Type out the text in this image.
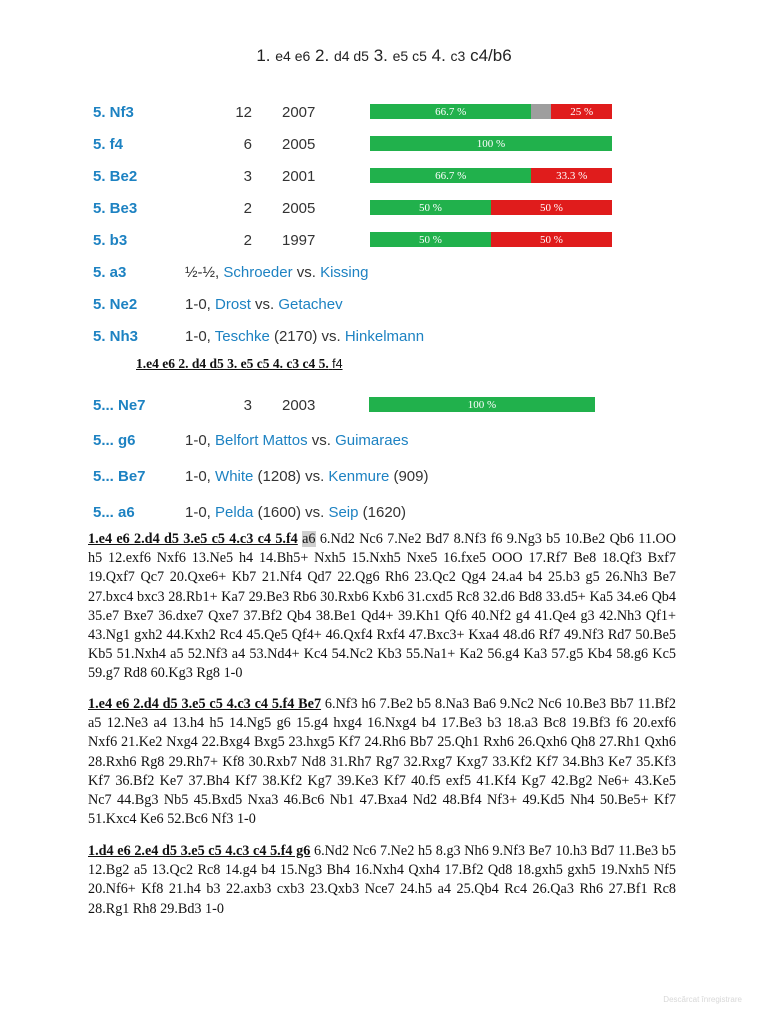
1. e4 e6 2. d4 d5 3. e5 c5 4. c3 c4/b6
5. Nf3	12 2007	66.7 %	25 %
5. f4	6 2005	100 %
5. Be2	3 2001	66.7 %	33.3 %
5. Be3	2 2005	50 %	50 %
5. b3	2 1997	50 %	50 %
5. a3	½-½, Schroeder vs. Kissing
5. Ne2	1-0, Drost vs. Getachev
5. Nh3	1-0, Teschke (2170) vs. Hinkelmann
1.e4 e6 2. d4 d5 3. e5 c5 4. c3 c4 5. f4
5... Ne7	3 2003	100 %
5... g6	1-0, Belfort Mattos vs. Guimaraes
5... Be7	1-0, White (1208) vs. Kenmure (909)
5... a6	1-0, Pelda (1600) vs. Seip (1620)
1.e4 e6 2.d4 d5 3.e5 c5 4.c3 c4 5.f4 a6 6.Nd2 Nc6 7.Ne2 Bd7 8.Nf3 f6 9.Ng3 b5 10.Be2 Qb6 11.OO h5 12.exf6 Nxf6 13.Ne5 h4 14.Bh5+ Nxh5 15.Nxh5 Nxe5 16.fxe5 OOO 17.Rf7 Be8 18.Qf3 Bxf7 19.Qxf7 Qc7 20.Qxe6+ Kb7 21.Nf4 Qd7 22.Qg6 Rh6 23.Qc2 Qg4 24.a4 b4 25.b3 g5 26.Nh3 Be7 27.bxc4 bxc3 28.Rb1+ Ka7 29.Be3 Rb6 30.Rxb6 Kxb6 31.cxd5 Rc8 32.d6 Bd8 33.d5+ Ka5 34.e6 Qb4 35.e7 Bxe7 36.dxe7 Qxe7 37.Bf2 Qb4 38.Be1 Qd4+ 39.Kh1 Qf6 40.Nf2 g4 41.Qe4 g3 42.Nh3 Qf1+ 43.Ng1 gxh2 44.Kxh2 Rc4 45.Qe5 Qf4+ 46.Qxf4 Rxf4 47.Bxc3+ Kxa4 48.d6 Rf7 49.Nf3 Rd7 50.Be5 Kb5 51.Nxh4 a5 52.Nf3 a4 53.Nd4+ Kc4 54.Nc2 Kb3 55.Na1+ Ka2 56.g4 Ka3 57.g5 Kb4 58.g6 Kc5 59.g7 Rd8 60.Kg3 Rg8 1-0
1.e4 e6 2.d4 d5 3.e5 c5 4.c3 c4 5.f4 Be7 6.Nf3 h6 7.Be2 b5 8.Na3 Ba6 9.Nc2 Nc6 10.Be3 Bb7 11.Bf2 a5 12.Ne3 a4 13.h4 h5 14.Ng5 g6 15.g4 hxg4 16.Nxg4 b4 17.Be3 b3 18.a3 Bc8 19.Bf3 f6 20.exf6 Nxf6 21.Ke2 Nxg4 22.Bxg4 Bxg5 23.hxg5 Kf7 24.Rh6 Bb7 25.Qh1 Rxh6 26.Qxh6 Qh8 27.Rh1 Qxh6 28.Rxh6 Rg8 29.Rh7+ Kf8 30.Rxb7 Nd8 31.Rh7 Rg7 32.Rxg7 Kxg7 33.Kf2 Kf7 34.Bh3 Ke7 35.Kf3 Kf7 36.Bf2 Ke7 37.Bh4 Kf7 38.Kf2 Kg7 39.Ke3 Kf7 40.f5 exf5 41.Kf4 Kg7 42.Bg2 Ne6+ 43.Ke5 Nc7 44.Bg3 Nb5 45.Bxd5 Nxa3 46.Bc6 Nb1 47.Bxa4 Nd2 48.Bf4 Nf3+ 49.Kd5 Nh4 50.Be5+ Kf7 51.Kxc4 Ke6 52.Bc6 Nf3 1-0
1.d4 e6 2.e4 d5 3.e5 c5 4.c3 c4 5.f4 g6 6.Nd2 Nc6 7.Ne2 h5 8.g3 Nh6 9.Nf3 Be7 10.h3 Bd7 11.Be3 b5 12.Bg2 a5 13.Qc2 Rc8 14.g4 b4 15.Ng3 Bh4 16.Nxh4 Qxh4 17.Bf2 Qd8 18.gxh5 gxh5 19.Nxh5 Nf5 20.Nf6+ Kf8 21.h4 b3 22.axb3 cxb3 23.Qxb3 Nce7 24.h5 a4 25.Qb4 Rc4 26.Qa3 Rh6 27.Bf1 Rc8 28.Rg1 Rh8 29.Bd3 1-0
Descărcat înregistrare
